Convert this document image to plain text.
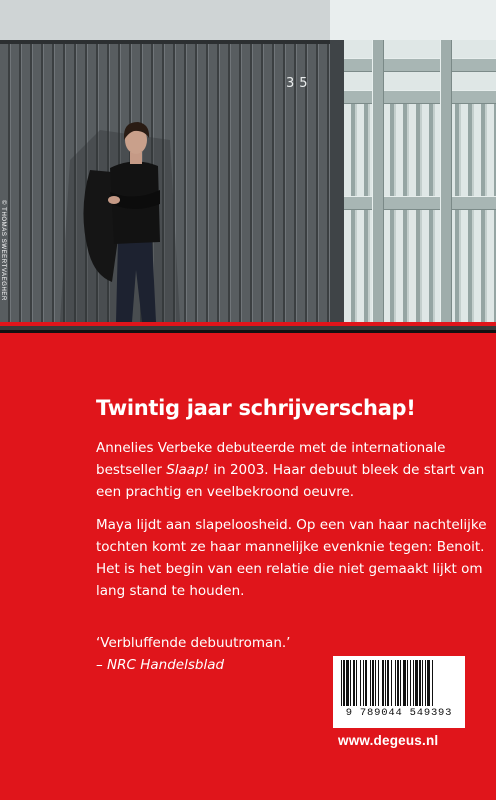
35
© THOMAS SWEERTVAEGHER
Twintig jaar schrijverschap!

Annelies Verbeke debuteerde met de internationale
bestseller Slaap! in 2003. Haar debuut bleek de start van
een prachtig en veelbekroond oeuvre.

Maya lijdt aan slapeloosheid. Op een van haar nachtelijke
tochten komt ze haar mannelijke evenknie tegen: Benoit.
Het is het begin van een relatie die niet gemaakt lijkt om
lang stand te houden.

‘Verbluffende debuutroman.’
– NRC Handelsblad

9 789044 549393
www.degeus.nl
